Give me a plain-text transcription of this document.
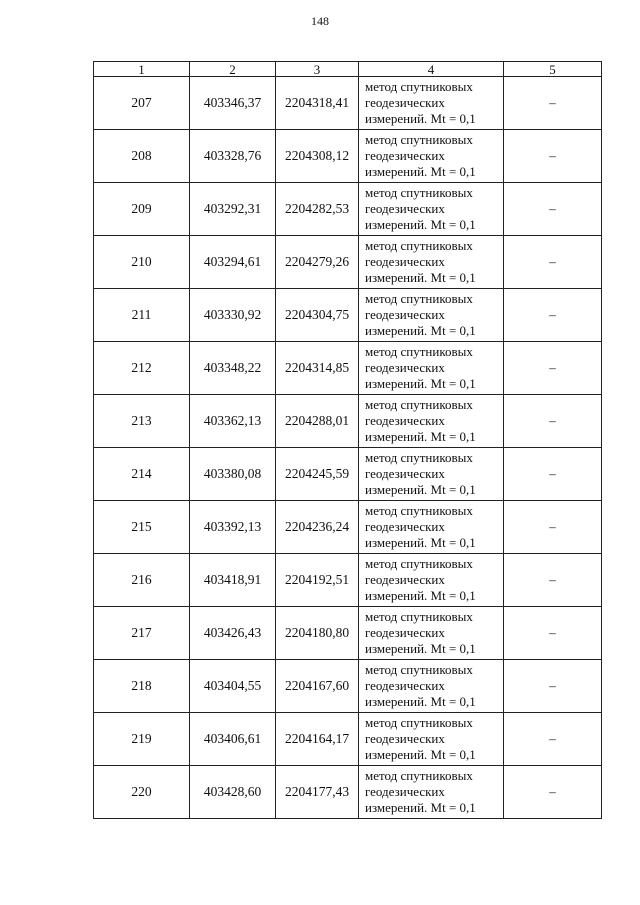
148
1	2	3	4	5
207	403346,37	2204318,41	метод спутниковых
геодезических
измерений. Mt = 0,1	–
208	403328,76	2204308,12	метод спутниковых
геодезических
измерений. Mt = 0,1	–
209	403292,31	2204282,53	метод спутниковых
геодезических
измерений. Mt = 0,1	–
210	403294,61	2204279,26	метод спутниковых
геодезических
измерений. Mt = 0,1	–
211	403330,92	2204304,75	метод спутниковых
геодезических
измерений. Mt = 0,1	–
212	403348,22	2204314,85	метод спутниковых
геодезических
измерений. Mt = 0,1	–
213	403362,13	2204288,01	метод спутниковых
геодезических
измерений. Mt = 0,1	–
214	403380,08	2204245,59	метод спутниковых
геодезических
измерений. Mt = 0,1	–
215	403392,13	2204236,24	метод спутниковых
геодезических
измерений. Mt = 0,1	–
216	403418,91	2204192,51	метод спутниковых
геодезических
измерений. Mt = 0,1	–
217	403426,43	2204180,80	метод спутниковых
геодезических
измерений. Mt = 0,1	–
218	403404,55	2204167,60	метод спутниковых
геодезических
измерений. Mt = 0,1	–
219	403406,61	2204164,17	метод спутниковых
геодезических
измерений. Mt = 0,1	–
220	403428,60	2204177,43	метод спутниковых
геодезических
измерений. Mt = 0,1	–
